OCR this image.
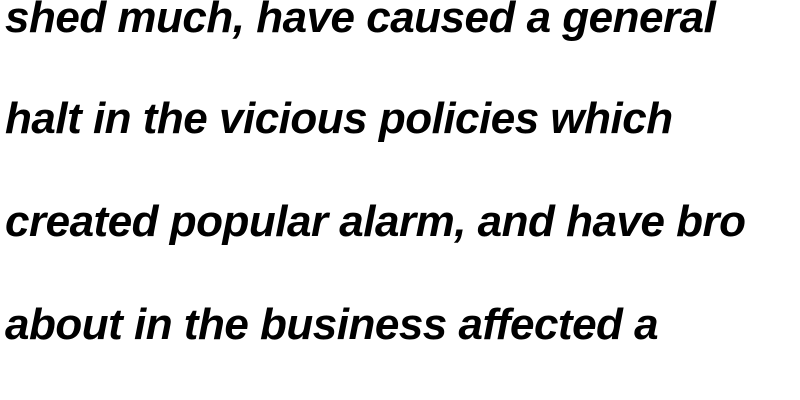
shed much, have caused a general

halt in the vicious policies which

created popular alarm, and have bro

about in the business affected a
